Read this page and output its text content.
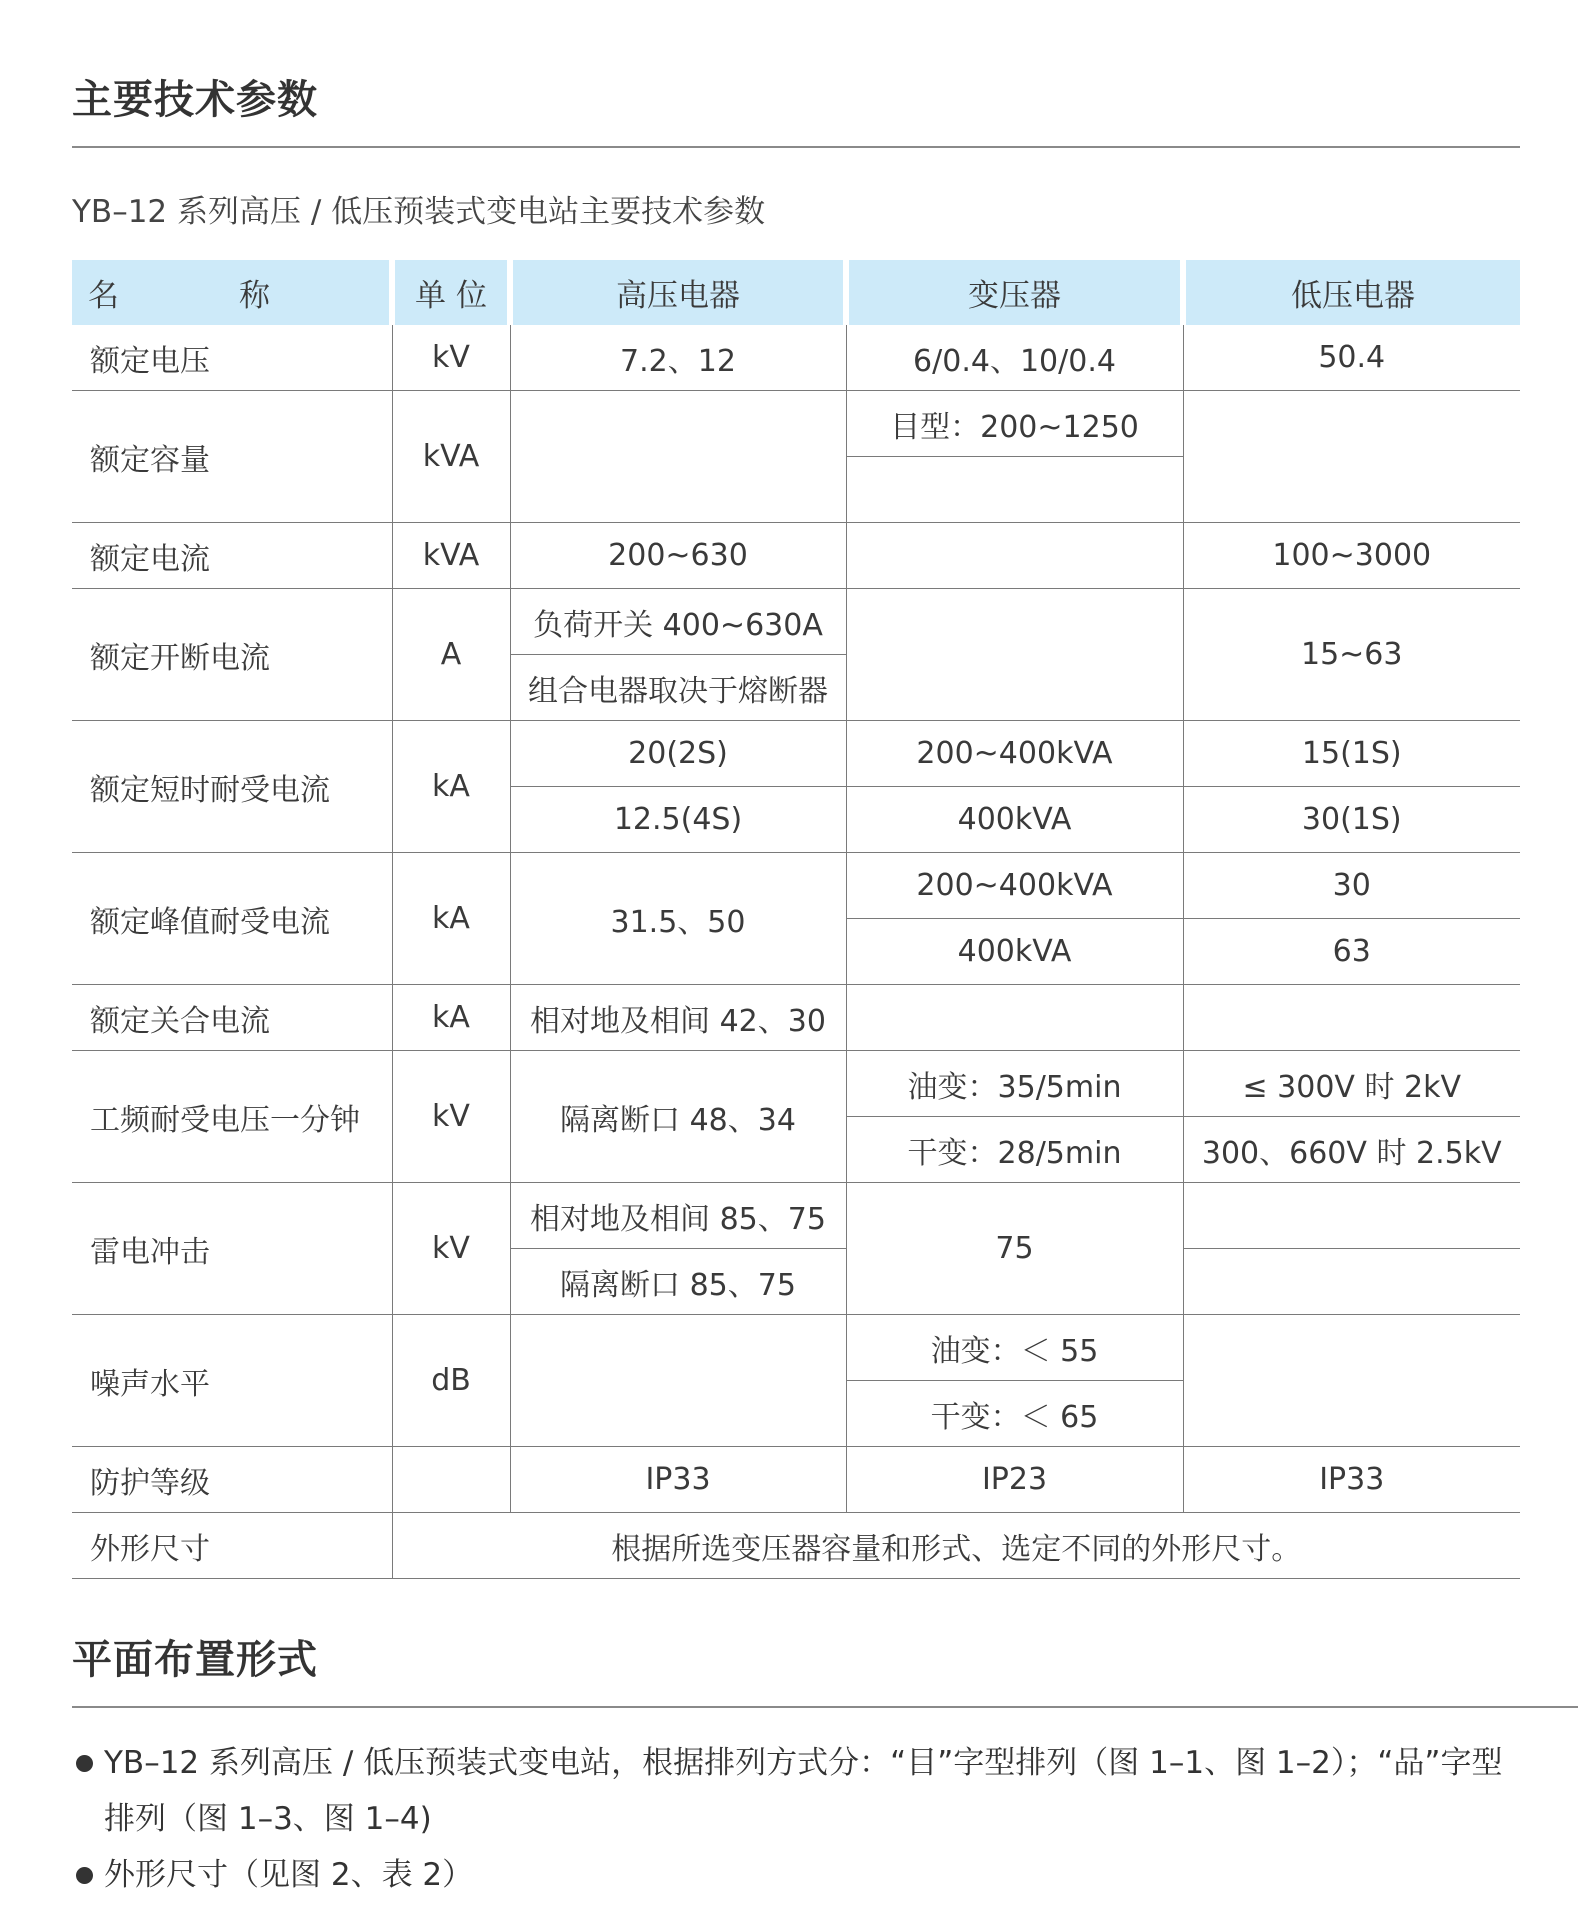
主要技术参数
YB–12 系列高压 / 低压预装式变电站主要技术参数
名 称	单 位	高压电器	变压器	低压电器
额定电压	kV	7.2、12	6/0.4、10/0.4	50.4
额定容量	kVA		目型：200~1250	

额定电流	kVA	200~630		100~3000
额定开断电流	A	负荷开关 400~630A		15~63
		组合电器取决于熔断器		
额定短时耐受电流	kA	20(2S)	200~400kVA	15(1S)
		12.5(4S)	400kVA	30(1S)
额定峰值耐受电流	kA	31.5、50	200~400kVA	30
			400kVA	63
额定关合电流	kA	相对地及相间 42、30		
工频耐受电压一分钟	kV	隔离断口 48、34	油变：35/5min	≤ 300V 时 2kV
			干变：28/5min	300、660V 时 2.5kV
雷电冲击	kV	相对地及相间 85、75	75	
		隔离断口 85、75		
噪声水平	dB		油变：＜ 55	
			干变：＜ 65	
防护等级		IP33	IP23	IP33
外形尺寸	根据所选变压器容量和形式、选定不同的外形尺寸。			
平面布置形式
YB–12 系列高压 / 低压预装式变电站，根据排列方式分：“目”字型排列（图 1–1、图 1–2）；“品”字型排列（图 1–3、图 1–4)
外形尺寸（见图 2、表 2）
